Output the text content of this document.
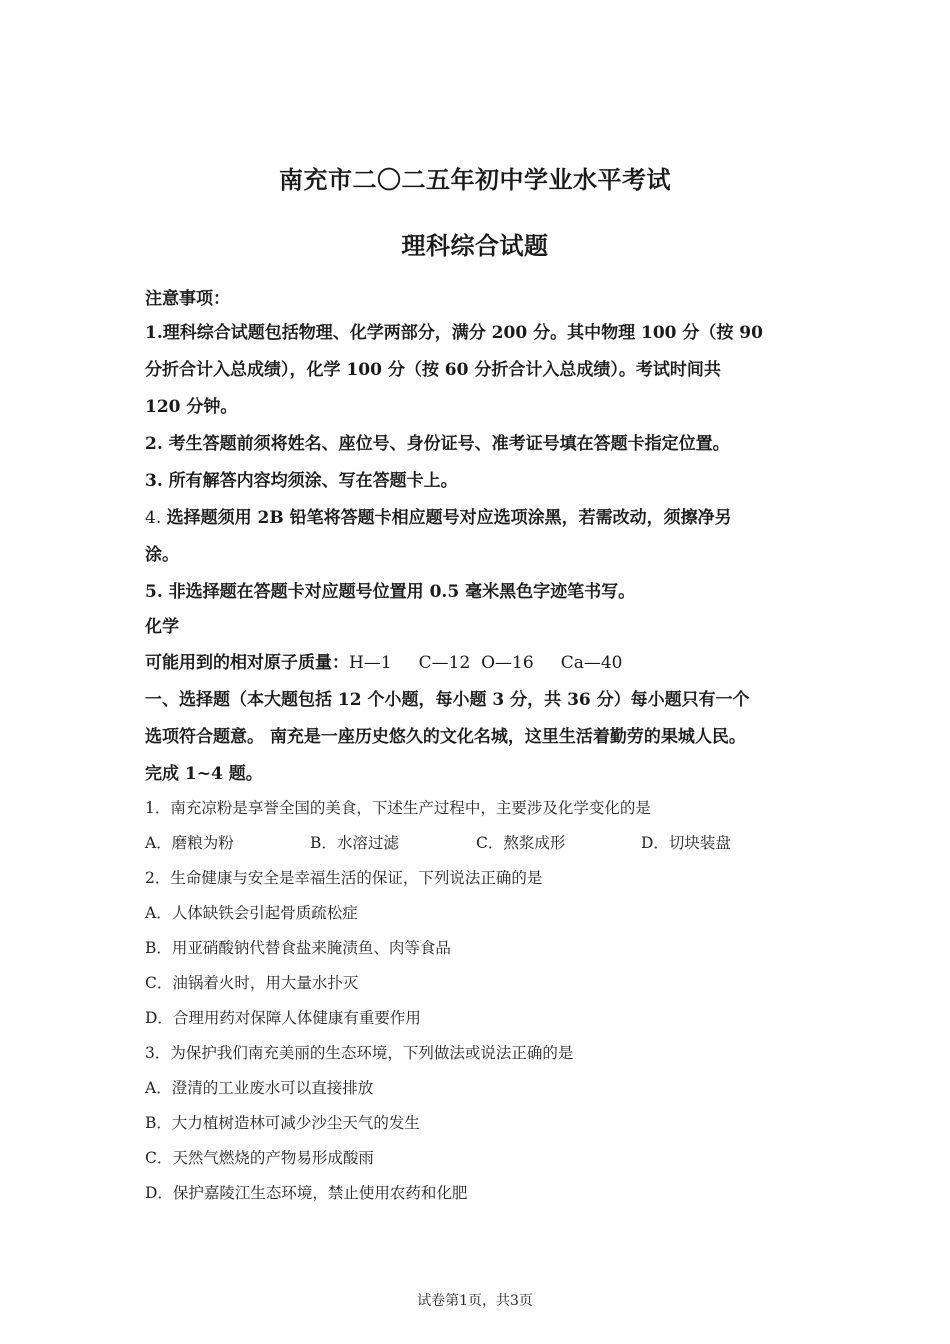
南充市二〇二五年初中学业水平考试
理科综合试题
注意事项：
1.理科综合试题包括物理、化学两部分，满分 200 分。其中物理 100 分（按 90
分折合计入总成绩），化学 100 分（按 60 分折合计入总成绩）。考试时间共
120 分钟。
2. 考生答题前须将姓名、座位号、身份证号、准考证号填在答题卡指定位置。
3. 所有解答内容均须涂、写在答题卡上。
4. 选择题须用 2B 铅笔将答题卡相应题号对应选项涂黑，若需改动，须擦净另
涂。
5. 非选择题在答题卡对应题号位置用 0.5 毫米黑色字迹笔书写。
化学
可能用到的相对原子质量：H—1     C—12  O—16     Ca—40
一、选择题（本大题包括 12 个小题，每小题 3 分，共 36 分）每小题只有一个
选项符合题意。 南充是一座历史悠久的文化名城，这里生活着勤劳的果城人民。
完成 1~4 题。
1．南充凉粉是享誉全国的美食，下述生产过程中，主要涉及化学变化的是
A．磨粮为粉	B．水溶过滤	C．熬浆成形	D．切块装盘
2．生命健康与安全是幸福生活的保证，下列说法正确的是
A．人体缺铁会引起骨质疏松症
B．用亚硝酸钠代替食盐来腌渍鱼、肉等食品
C．油锅着火时，用大量水扑灭
D．合理用药对保障人体健康有重要作用
3．为保护我们南充美丽的生态环境，下列做法或说法正确的是
A．澄清的工业废水可以直接排放
B．大力植树造林可减少沙尘天气的发生
C．天然气燃烧的产物易形成酸雨
D．保护嘉陵江生态环境，禁止使用农药和化肥
试卷第1页，共3页
